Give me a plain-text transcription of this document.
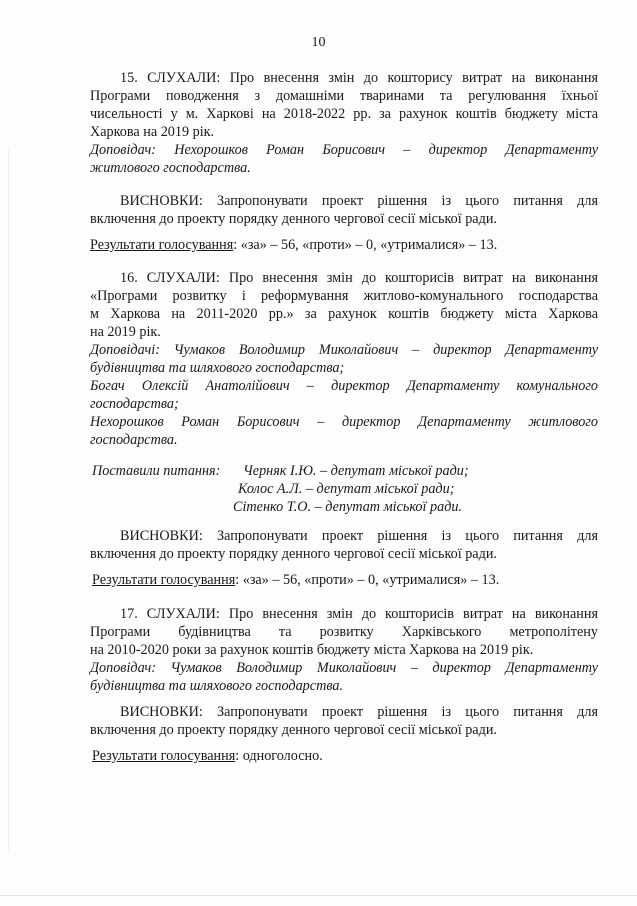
10
15. СЛУХАЛИ: Про внесення змін до кошторису витрат на виконання
Програми поводження з домашніми тваринами та регулювання їхньої
чисельності у м. Харкові на 2018-2022 рр. за рахунок коштів бюджету міста
Харкова на 2019 рік.
Доповідач: Нехорошков Роман Борисович – директор Департаменту
житлового господарства.
ВИСНОВКИ: Запропонувати проект рішення із цього питання для
включення до проекту порядку денного чергової сесії міської ради.
Результати голосування: «за» – 56, «проти» – 0, «утрималися» – 13.
16. СЛУХАЛИ: Про внесення змін до кошторисів витрат на виконання
«Програми розвитку і реформування житлово-комунального господарства
м Харкова на 2011-2020 рр.» за рахунок коштів бюджету міста Харкова
на 2019 рік.
Доповідачі: Чумаков Володимир Миколайович – директор Департаменту
будівництва та шляхового господарства;
Богач Олексій Анатолійович – директор Департаменту комунального
господарства;
Нехорошков Роман Борисович – директор Департаменту житлового
господарства.
Поставили питання: Черняк І.Ю. – депутат міської ради;
Колос А.Л. – депутат міської ради;
Сітенко Т.О. – депутат міської ради.
ВИСНОВКИ: Запропонувати проект рішення із цього питання для
включення до проекту порядку денного чергової сесії міської ради.
Результати голосування: «за» – 56, «проти» – 0, «утрималися» – 13.
17. СЛУХАЛИ: Про внесення змін до кошторисів витрат на виконання
Програми будівництва та розвитку Харківського метрополітену
на 2010-2020 роки за рахунок коштів бюджету міста Харкова на 2019 рік.
Доповідач: Чумаков Володимир Миколайович – директор Департаменту
будівництва та шляхового господарства.
ВИСНОВКИ: Запропонувати проект рішення із цього питання для
включення до проекту порядку денного чергової сесії міської ради.
Результати голосування: одноголосно.
